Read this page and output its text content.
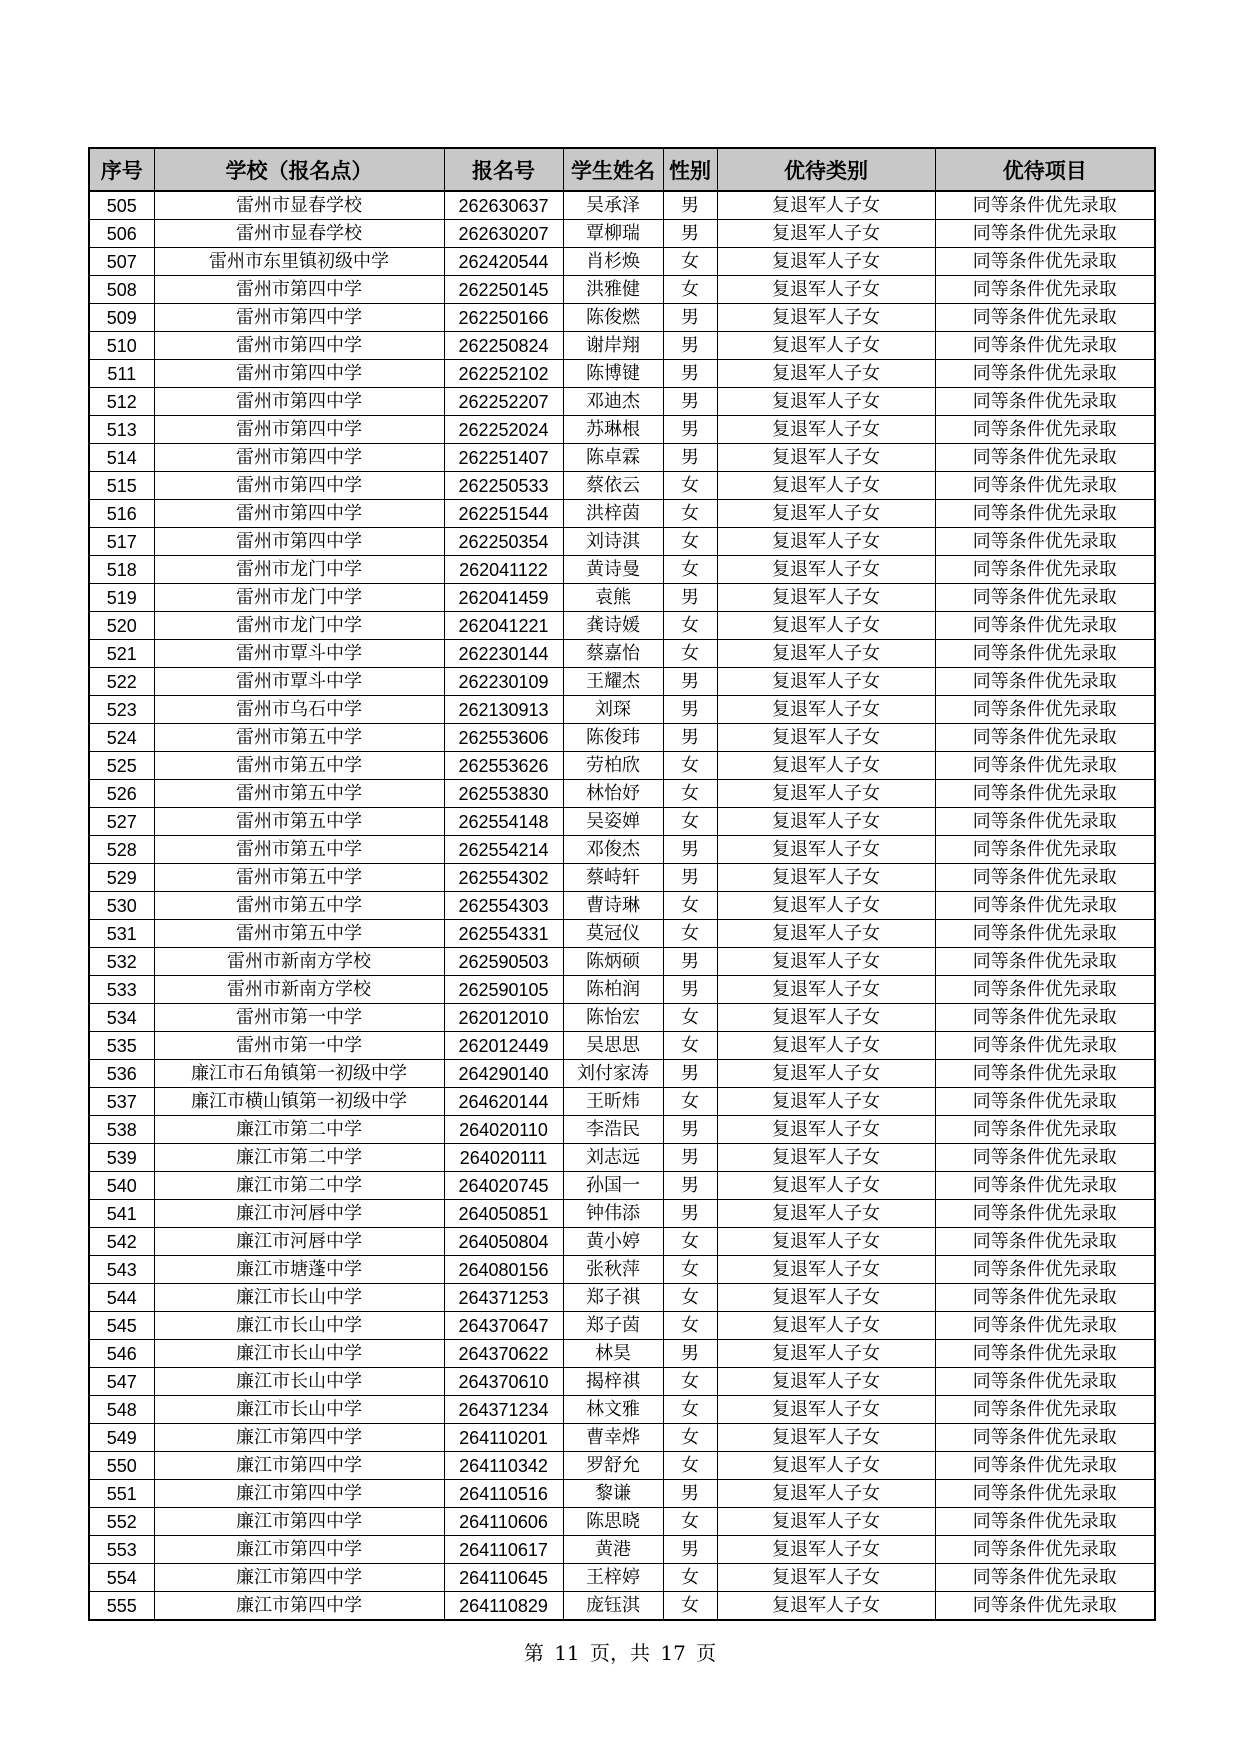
序号	学校（报名点）	报名号	学生姓名	性别	优待类别	优待项目
505	雷州市显春学校	262630637	吴承泽	男	复退军人子女	同等条件优先录取
506	雷州市显春学校	262630207	覃柳瑞	男	复退军人子女	同等条件优先录取
507	雷州市东里镇初级中学	262420544	肖杉焕	女	复退军人子女	同等条件优先录取
508	雷州市第四中学	262250145	洪雅健	女	复退军人子女	同等条件优先录取
509	雷州市第四中学	262250166	陈俊燃	男	复退军人子女	同等条件优先录取
510	雷州市第四中学	262250824	谢岸翔	男	复退军人子女	同等条件优先录取
511	雷州市第四中学	262252102	陈博键	男	复退军人子女	同等条件优先录取
512	雷州市第四中学	262252207	邓迪杰	男	复退军人子女	同等条件优先录取
513	雷州市第四中学	262252024	苏琳根	男	复退军人子女	同等条件优先录取
514	雷州市第四中学	262251407	陈卓霖	男	复退军人子女	同等条件优先录取
515	雷州市第四中学	262250533	蔡依云	女	复退军人子女	同等条件优先录取
516	雷州市第四中学	262251544	洪梓茵	女	复退军人子女	同等条件优先录取
517	雷州市第四中学	262250354	刘诗淇	女	复退军人子女	同等条件优先录取
518	雷州市龙门中学	262041122	黄诗曼	女	复退军人子女	同等条件优先录取
519	雷州市龙门中学	262041459	袁熊	男	复退军人子女	同等条件优先录取
520	雷州市龙门中学	262041221	龚诗媛	女	复退军人子女	同等条件优先录取
521	雷州市覃斗中学	262230144	蔡嘉怡	女	复退军人子女	同等条件优先录取
522	雷州市覃斗中学	262230109	王耀杰	男	复退军人子女	同等条件优先录取
523	雷州市乌石中学	262130913	刘琛	男	复退军人子女	同等条件优先录取
524	雷州市第五中学	262553606	陈俊玮	男	复退军人子女	同等条件优先录取
525	雷州市第五中学	262553626	劳柏欣	女	复退军人子女	同等条件优先录取
526	雷州市第五中学	262553830	林怡妤	女	复退军人子女	同等条件优先录取
527	雷州市第五中学	262554148	吴姿婵	女	复退军人子女	同等条件优先录取
528	雷州市第五中学	262554214	邓俊杰	男	复退军人子女	同等条件优先录取
529	雷州市第五中学	262554302	蔡峙轩	男	复退军人子女	同等条件优先录取
530	雷州市第五中学	262554303	曹诗琳	女	复退军人子女	同等条件优先录取
531	雷州市第五中学	262554331	莫冠仪	女	复退军人子女	同等条件优先录取
532	雷州市新南方学校	262590503	陈炳硕	男	复退军人子女	同等条件优先录取
533	雷州市新南方学校	262590105	陈柏润	男	复退军人子女	同等条件优先录取
534	雷州市第一中学	262012010	陈怡宏	女	复退军人子女	同等条件优先录取
535	雷州市第一中学	262012449	吴思思	女	复退军人子女	同等条件优先录取
536	廉江市石角镇第一初级中学	264290140	刘付家涛	男	复退军人子女	同等条件优先录取
537	廉江市横山镇第一初级中学	264620144	王昕炜	女	复退军人子女	同等条件优先录取
538	廉江市第二中学	264020110	李浩民	男	复退军人子女	同等条件优先录取
539	廉江市第二中学	264020111	刘志远	男	复退军人子女	同等条件优先录取
540	廉江市第二中学	264020745	孙国一	男	复退军人子女	同等条件优先录取
541	廉江市河唇中学	264050851	钟伟添	男	复退军人子女	同等条件优先录取
542	廉江市河唇中学	264050804	黄小婷	女	复退军人子女	同等条件优先录取
543	廉江市塘蓬中学	264080156	张秋萍	女	复退军人子女	同等条件优先录取
544	廉江市长山中学	264371253	郑子祺	女	复退军人子女	同等条件优先录取
545	廉江市长山中学	264370647	郑子茵	女	复退军人子女	同等条件优先录取
546	廉江市长山中学	264370622	林昊	男	复退军人子女	同等条件优先录取
547	廉江市长山中学	264370610	揭梓祺	女	复退军人子女	同等条件优先录取
548	廉江市长山中学	264371234	林文雅	女	复退军人子女	同等条件优先录取
549	廉江市第四中学	264110201	曹幸烨	女	复退军人子女	同等条件优先录取
550	廉江市第四中学	264110342	罗舒允	女	复退军人子女	同等条件优先录取
551	廉江市第四中学	264110516	黎谦	男	复退军人子女	同等条件优先录取
552	廉江市第四中学	264110606	陈思晓	女	复退军人子女	同等条件优先录取
553	廉江市第四中学	264110617	黄港	男	复退军人子女	同等条件优先录取
554	廉江市第四中学	264110645	王梓婷	女	复退军人子女	同等条件优先录取
555	廉江市第四中学	264110829	庞钰淇	女	复退军人子女	同等条件优先录取
第 11 页，共 17 页
